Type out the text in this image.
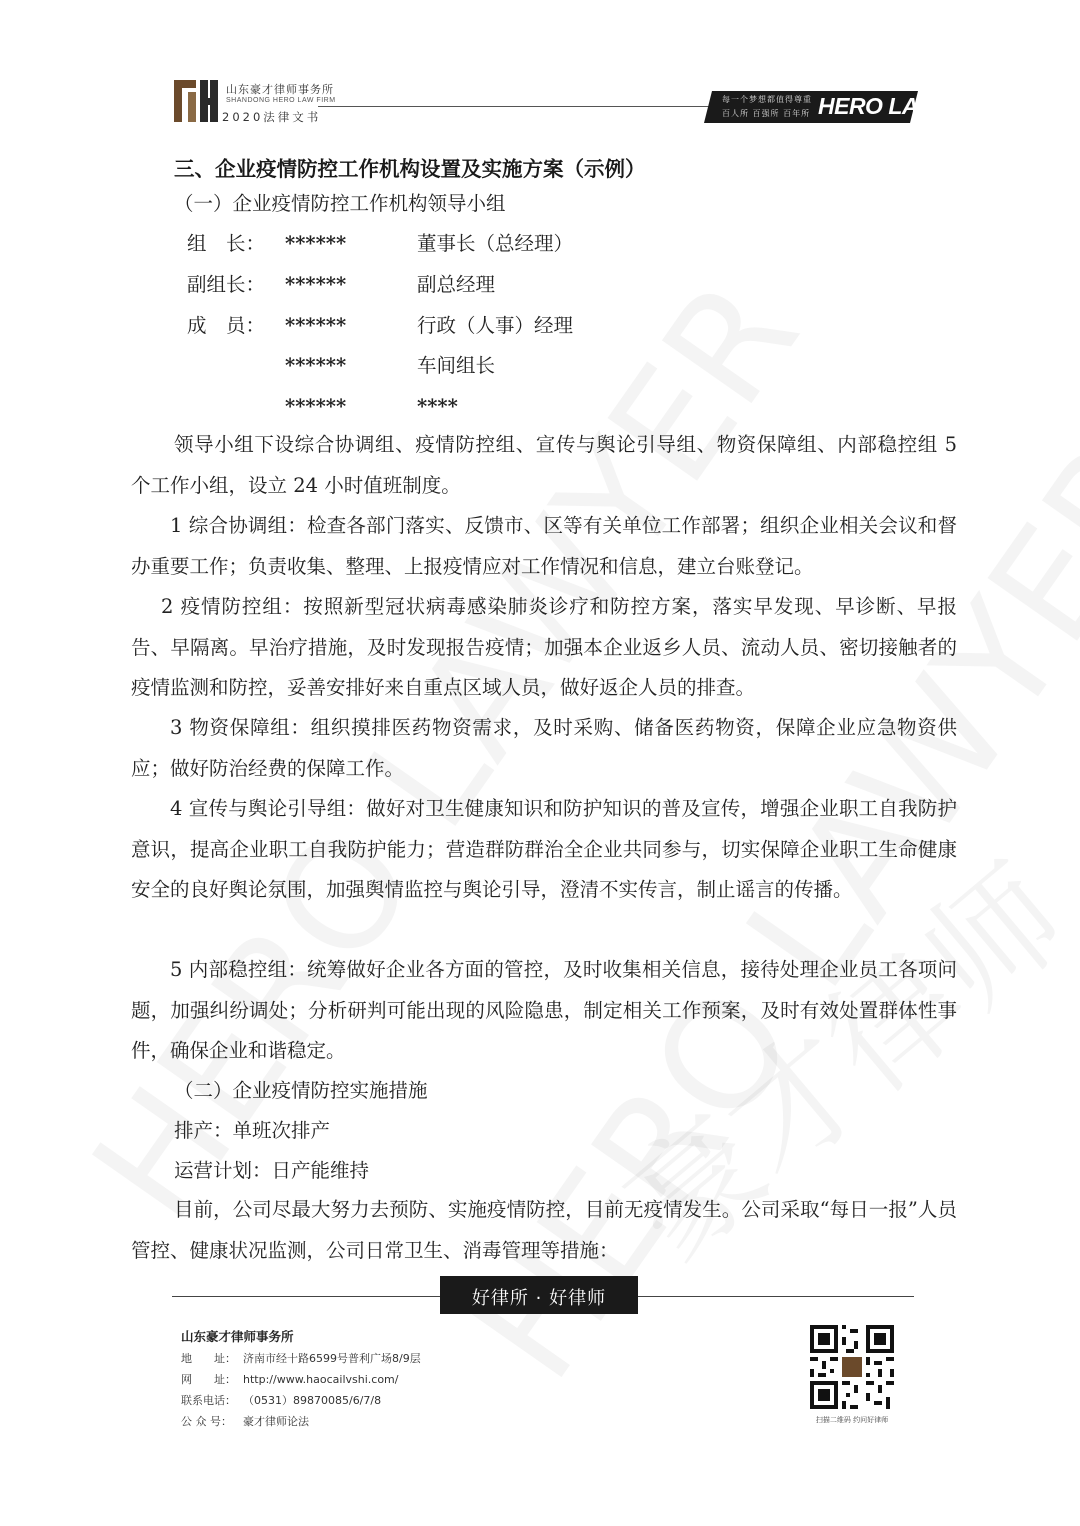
山东豪才律师事务所
SHANDONG HERO LAW FIRM
2020法律文书
每一个梦想都值得尊重
百人所 百强所 百年所 HERO LAW
三、企业疫情防控工作机构设置及实施方案（示例）
（一）企业疫情防控工作机构领导小组
组　长： ******	董事长（总经理）
副组长： ******	副总经理
成　员： ******	行政（人事）经理
******	车间组长
******	****
领导小组下设综合协调组、疫情防控组、宣传与舆论引导组、物资保障组、内部稳控组 5 个工作小组，设立 24 小时值班制度。
1 综合协调组：检查各部门落实、反馈市、区等有关单位工作部署；组织企业相关会议和督办重要工作；负责收集、整理、上报疫情应对工作情况和信息，建立台账登记。
2 疫情防控组：按照新型冠状病毒感染肺炎诊疗和防控方案，落实早发现、早诊断、早报告、早隔离。早治疗措施，及时发现报告疫情；加强本企业返乡人员、流动人员、密切接触者的疫情监测和防控，妥善安排好来自重点区域人员，做好返企人员的排查。
3 物资保障组：组织摸排医药物资需求，及时采购、储备医药物资，保障企业应急物资供应；做好防治经费的保障工作。
4 宣传与舆论引导组：做好对卫生健康知识和防护知识的普及宣传，增强企业职工自我防护意识，提高企业职工自我防护能力；营造群防群治全企业共同参与，切实保障企业职工生命健康安全的良好舆论氛围，加强舆情监控与舆论引导，澄清不实传言，制止谣言的传播。
5 内部稳控组：统筹做好企业各方面的管控，及时收集相关信息，接待处理企业员工各项问题，加强纠纷调处；分析研判可能出现的风险隐患，制定相关工作预案，及时有效处置群体性事件，确保企业和谐稳定。
（二）企业疫情防控实施措施
排产：单班次排产
运营计划：日产能维持
目前，公司尽最大努力去预防、实施疫情防控，目前无疫情发生。公司采取“每日一报”人员管控、健康状况监测，公司日常卫生、消毒管理等措施：
好律所 · 好律师
山东豪才律师事务所
地　　址： 济南市经十路6599号普利广场8/9层
网　　址： http://www.haocailvshi.com/
联系电话： （0531）89870085/6/7/8
公 众 号： 豪才律师论法	扫描二维码 约问好律师
